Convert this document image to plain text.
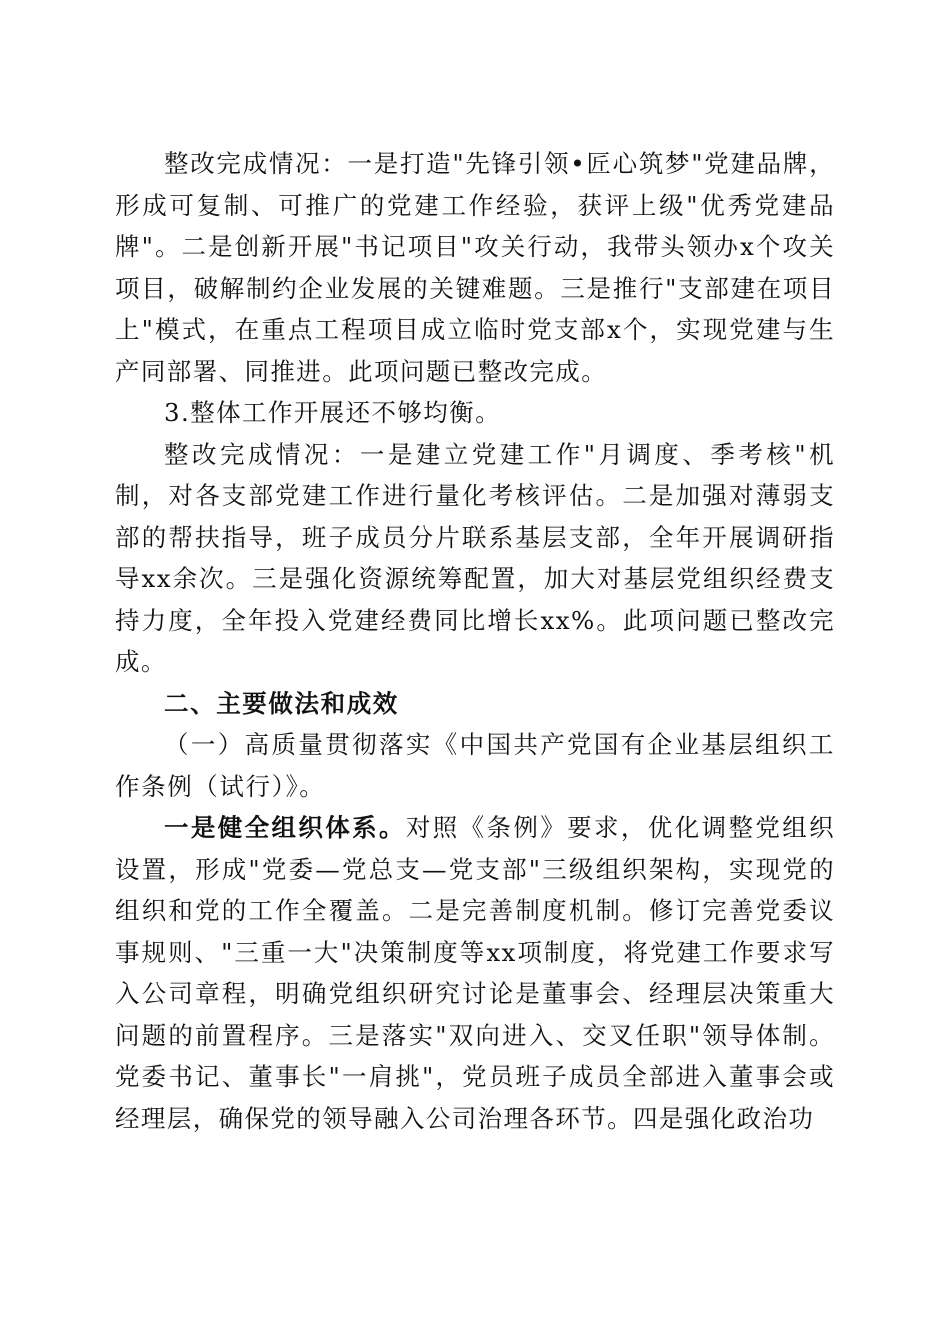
整改完成情况：一是打造"先锋引领•匠心筑梦"党建品牌，形成可复制、可推广的党建工作经验，获评上级"优秀党建品牌"。二是创新开展"书记项目"攻关行动，我带头领办x个攻关项目，破解制约企业发展的关键难题。三是推行"支部建在项目上"模式，在重点工程项目成立临时党支部x个，实现党建与生产同部署、同推进。此项问题已整改完成。

3.整体工作开展还不够均衡。

整改完成情况：一是建立党建工作"月调度、季考核"机制，对各支部党建工作进行量化考核评估。二是加强对薄弱支部的帮扶指导，班子成员分片联系基层支部，全年开展调研指导xx余次。三是强化资源统筹配置，加大对基层党组织经费支持力度，全年投入党建经费同比增长xx%。此项问题已整改完成。

二、主要做法和成效

（一）高质量贯彻落实《中国共产党国有企业基层组织工作条例（试行）》。

一是健全组织体系。对照《条例》要求，优化调整党组织设置，形成"党委—党总支—党支部"三级组织架构，实现党的组织和党的工作全覆盖。二是完善制度机制。修订完善党委议事规则、"三重一大"决策制度等xx项制度，将党建工作要求写入公司章程，明确党组织研究讨论是董事会、经理层决策重大问题的前置程序。三是落实"双向进入、交叉任职"领导体制。党委书记、董事长"一肩挑"，党员班子成员全部进入董事会或经理层，确保党的领导融入公司治理各环节。四是强化政治功
